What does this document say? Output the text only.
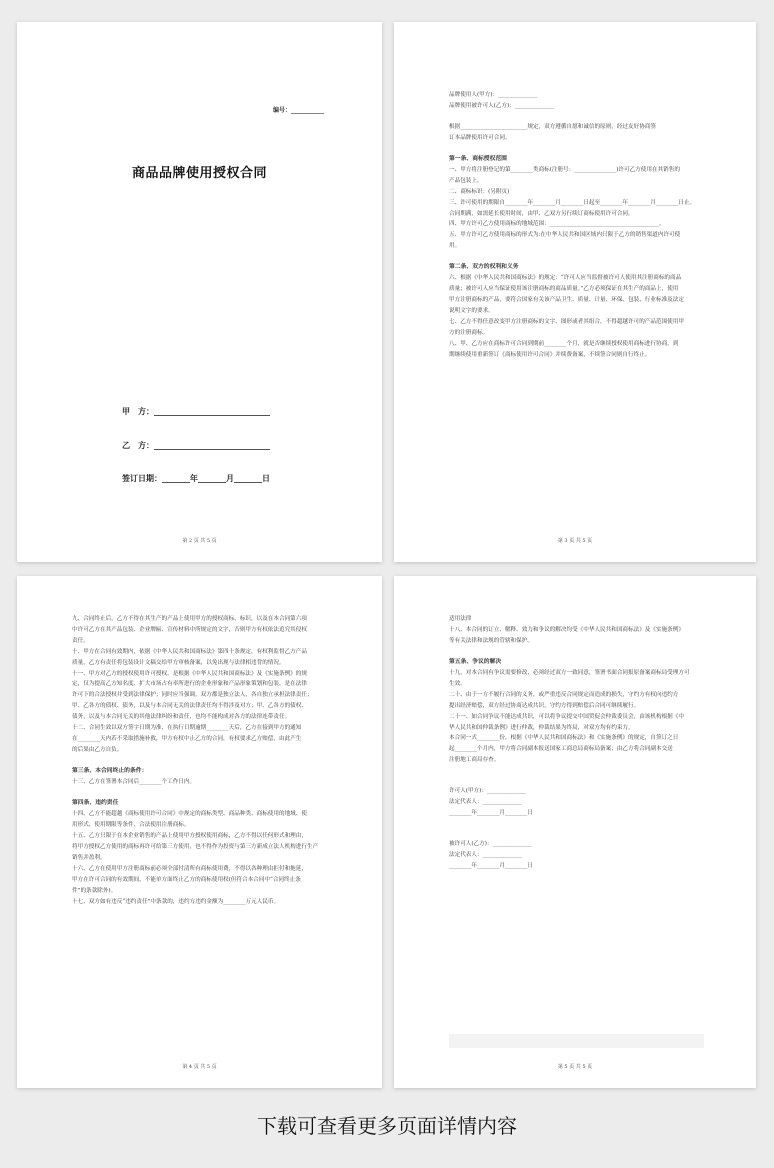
编号：___________
商品品牌使用授权合同
甲　方：_____________________________
乙　方：_____________________________
签订日期：_______年_______月_______日
第 2 页 共 5 页
品牌使用人(甲方)：______________
品牌使用被许可人(乙方)：______________
根据________________________规定，双方遵循自愿和诚信的原则，经过友好协商签
订本品牌使用许可合同。
第一条、商标授权范围
一、甲方将注册登记的第________类商标(注册号：_______________)许可乙方使用在其销售的
产品包装上。
二、商标标识：(另附页)
三、许可使用的期限自________年________月________日起至________年________月________日止。
合同期满，如需延长使用时间，由甲、乙双方另行续订商标使用许可合同。
四、甲方许可乙方使用商标的地域范围：_______________________________________。
五、甲方许可乙方使用商标的形式为:在中华人民共和国区域内只限于乙方的销售渠道内许可使
用。
第二条、双方的权利和义务
六、根据《中华人民共和国商标法》的规定：“许可人应当监督被许可人使用其注册商标的商品
质量；被许可人应当保证使用该注册商标的商品质量。”乙方必须保证在其生产的商品上，使用
甲方注册商标的产品，要符合国家有关该产品卫生、质量、计量、环保、包装、行业标准及法定
说明文字的要求。
七、乙方不得任意改变甲方注册商标的文字、图形或者其组合，不得超越许可的产品范围使用甲
方的注册商标。
八、甲、乙方应在商标许可合同到期前________个月，就是否继续授权使用商标进行协商，到
期继续使用重新签订《商标使用许可合同》并续费备案，不续签合同则自行终止。
第 3 页 共 5 页
九、合同终止后，乙方不得在其生产的产品上使用甲方的授权商标、标识，以及在本合同第六项
中许可乙方在其产品包装、企业牌匾、宣传材料中所规定的文字，否则甲方有权依法追究其侵权
责任。
十、甲方在合同有效期内，依据《中华人民共和国商标法》第四十条规定，有权利监督乙方产品
质量。乙方有责任将包装设计文稿交给甲方审核备案，以免出现与法律相违背的情况。
十一、甲方对乙方的授权使用许可授权，是根据《中华人民共和国商标法》及《实施条例》的规
定，仅为提高乙方知名度、扩大市场占有率所进行的企业形象和产品形象策划和包装，是在法律
许可下的合法授权并受到法律保护；同时应当强调，双方都是独立法人，各自独立承担法律责任；
甲、乙各方的债权、债务，以及与本合同无关的法律责任均不得涉及对方；甲、乙各方的债权、
债务，以及与本合同无关的其他法律纠纷和责任，也均不能构成对各方的法律连带责任。
十二、合同生效以双方签字日期为准，在执行日期逾期________天后，乙方在接到甲方的通知
在________天内若不采取措施补救，甲方有权中止乙方的合同，有权要求乙方赔偿，由此产生
的后果由乙方自负。
第三条、本合同终止的条件：
十三、乙方在签署本合同后________个工作日内。
第四条、违约责任
十四、乙方不能超越《商标使用许可合同》中规定的商标类型、商品种类、商标使用的地域、使
用形式、使用期限等条件、合法使用注册商标。
十五、乙方只限于在本企业销售的产品上使用甲方授权使用商标，乙方不得以任何形式和理由，
将甲方授权乙方使用的商标再许可给第三方使用，也不得作为投资与第三方新成立法人机构进行生产
销售并盈利。
十六、乙方在使用甲方注册商标前必须全部付清所有商标使用费，不得以各种理由拒付和拖延，
甲方在许可合同的有效期间，不能单方面终止乙方的商标使用权(但符合本合同中“合同终止条
件”的条款除外)。
十七、双方如有违反“违约责任”中条款的，违约方违约金额为________万元人民币。
第 4 页 共 5 页
适用法律
十八、本合同的订立、解释、效力和争议的解决均受《中华人民共和国商标法》及《实施条例》
等有关法律和法规的管辖和保护。
第五条、争议的解决
十九、对本合同有争议需要修改，必须经过双方一致同意，签署书面合同报原备案商标局受理方可
生效。
二十、由于一方不履行合同的义务，或严重违反合同规定而造成的损失，守约方有权向违约方
提出经济赔偿，双方经过协商达成共识，守约方得到赔偿后合同可继续履行。
二十一、如合同争议不能达成共识，可以将争议提交中国贸促会仲裁委员会，由该机构根据《中
华人民共和国仲裁条例》进行仲裁，仲裁结果为终局，对双方均有约束力。
本合同一式________份，根据《中华人民共和国商标法》和《实施条例》的规定，自签订之日
起________个月内，甲方将合同副本报送国家工商总局商标局备案；由乙方将合同副本交送
注册地工商局存查。
许可人(甲方)：______________
法定代表人：______________
________年________月________日
被许可人(乙方)：______________
法定代表人：______________
________年________月________日
第 5 页 共 5 页
下载可查看更多页面详情内容
